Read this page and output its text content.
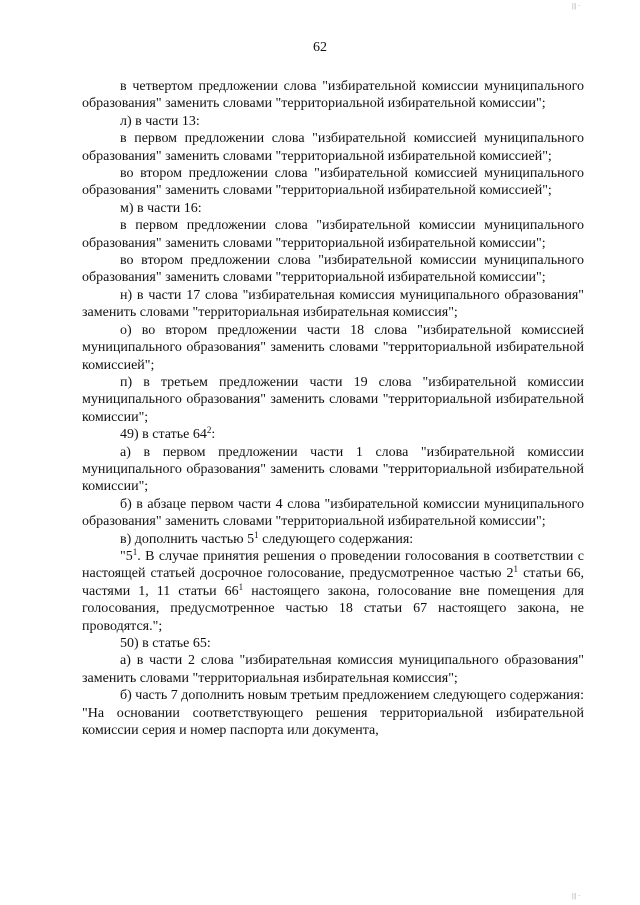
62
||| ·
||| ·

в четвертом предложении слова "избирательной комиссии муниципального образования" заменить словами "территориальной избирательной комиссии";

л) в части 13:

в первом предложении слова "избирательной комиссией муниципального образования" заменить словами "территориальной избирательной комиссией";

во втором предложении слова "избирательной комиссией муниципального образования" заменить словами "территориальной избирательной комиссией";

м) в части 16:

в первом предложении слова "избирательной комиссии муниципального образования" заменить словами "территориальной избирательной комиссии";

во втором предложении слова "избирательной комиссии муниципального образования" заменить словами "территориальной избирательной комиссии";

н) в части 17 слова "избирательная комиссия муниципального образования" заменить словами "территориальная избирательная комиссия";

о) во втором предложении части 18 слова "избирательной комиссией муниципального образования" заменить словами "территориальной избирательной комиссией";

п) в третьем предложении части 19 слова "избирательной комиссии муниципального образования" заменить словами "территориальной избирательной комиссии";

49) в статье $64^2$:

а) в первом предложении части 1 слова "избирательной комиссии муниципального образования" заменить словами "территориальной избирательной комиссии";

б) в абзаце первом части 4 слова "избирательной комиссии муниципального образования" заменить словами "территориальной избирательной комиссии";

в) дополнить частью $5^1$ следующего содержания:

"$5^1$. В случае принятия решения о проведении голосования в соответствии с настоящей статьей досрочное голосование, предусмотренное частью $2^1$ статьи 66, частями 1, 11 статьи $66^1$ настоящего закона, голосование вне помещения для голосования, предусмотренное частью 18 статьи 67 настоящего закона, не проводятся.";

50) в статье 65:

а) в части 2 слова "избирательная комиссия муниципального образования" заменить словами "территориальная избирательная комиссия";

б) часть 7 дополнить новым третьим предложением следующего содержания: "На основании соответствующего решения территориальной избирательной комиссии серия и номер паспорта или документа,
